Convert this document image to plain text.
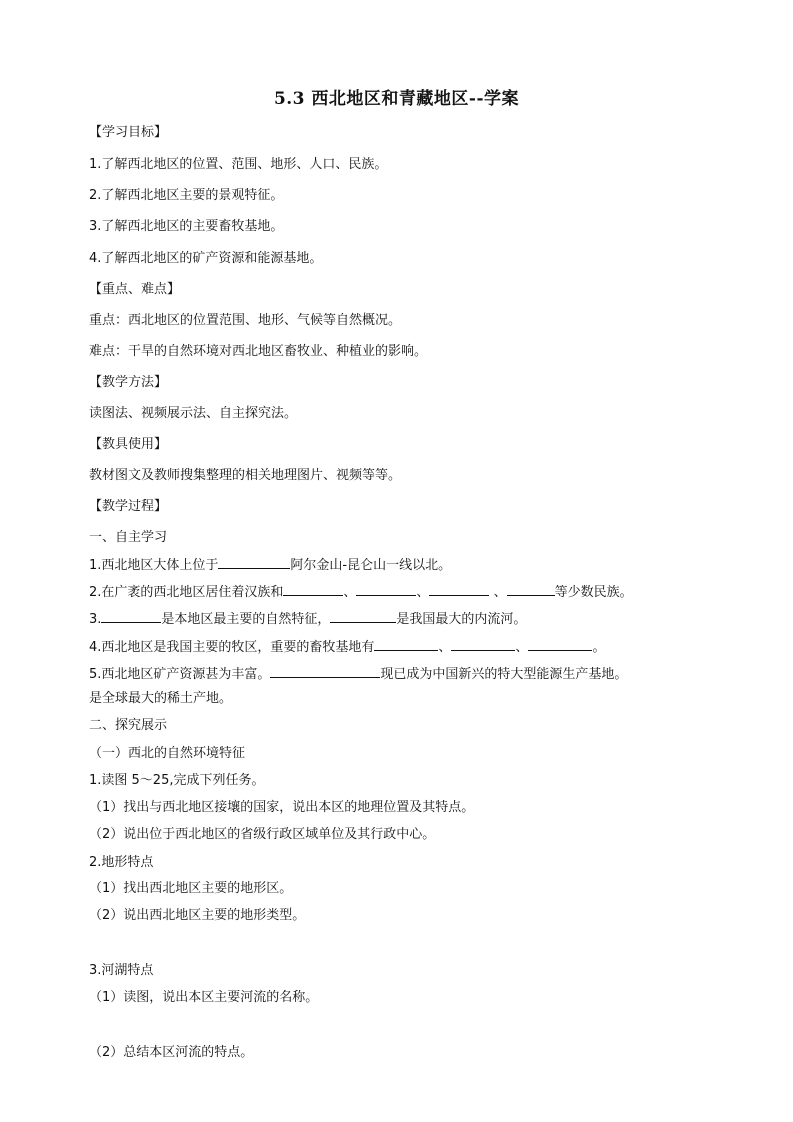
5.3 西北地区和青藏地区--学案
【学习目标】
1.了解西北地区的位置、范围、地形、人口、民族。
2.了解西北地区主要的景观特征。
3.了解西北地区的主要畜牧基地。
4.了解西北地区的矿产资源和能源基地。
【重点、难点】
重点：西北地区的位置范围、地形、气候等自然概况。
难点：干旱的自然环境对西北地区畜牧业、种植业的影响。
【教学方法】
读图法、视频展示法、自主探究法。
【教具使用】
教材图文及教师搜集整理的相关地理图片、视频等等。
【教学过程】
一、自主学习
1.西北地区大体上位于	阿尔金山-昆仑山一线以北。
2.在广袤的西北地区居住着汉族和	、	、	、	等少数民族。
3.	是本地区最主要的自然特征，	是我国最大的内流河。
4.西北地区是我国主要的牧区，重要的畜牧基地有	、	、	。
5.西北地区矿产资源甚为丰富。	现已成为中国新兴的特大型能源生产基地。
是全球最大的稀土产地。
二、探究展示
（一）西北的自然环境特征
1.读图 5～25,完成下列任务。
（1）找出与西北地区接壤的国家，说出本区的地理位置及其特点。
（2）说出位于西北地区的省级行政区域单位及其行政中心。
2.地形特点
（1）找出西北地区主要的地形区。
（2）说出西北地区主要的地形类型。
3.河湖特点
（1）读图，说出本区主要河流的名称。
（2）总结本区河流的特点。
